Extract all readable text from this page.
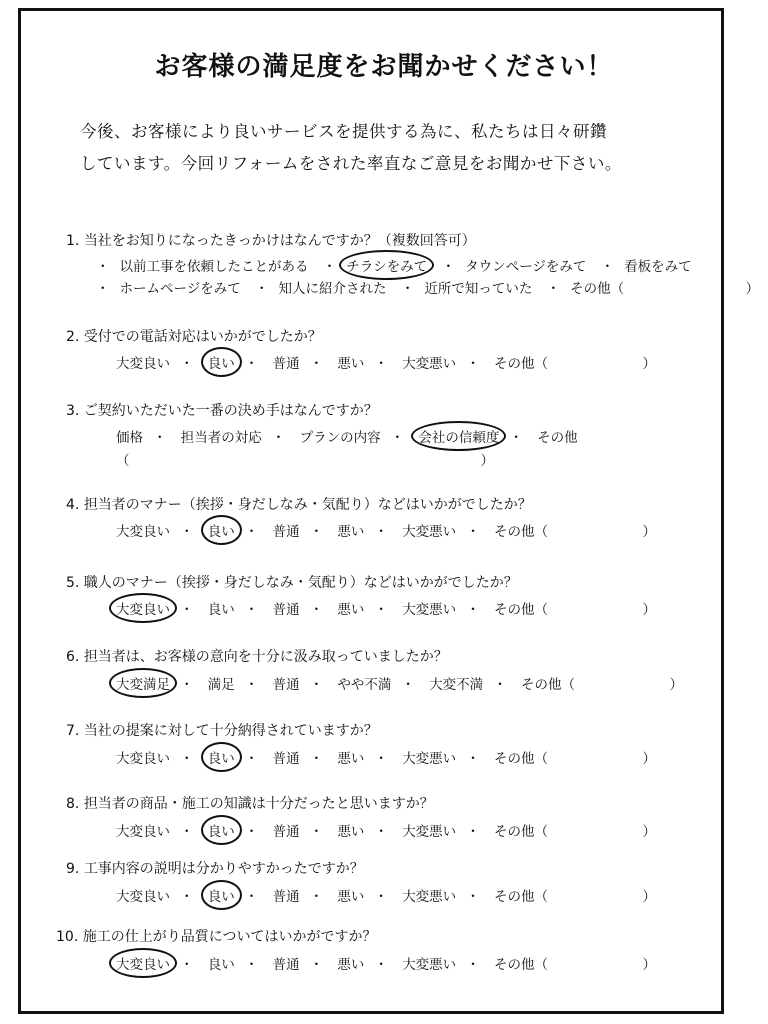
お客様の満足度をお聞かせください！
今後、お客様により良いサービスを提供する為に、私たちは日々研鑽
しています。今回リフォームをされた率直なご意見をお聞かせ下さい。
1. 当社をお知りになったきっかけはなんですか？（複数回答可）
・ 以前工事を依頼したことがある ・ チラシをみて ・ タウンページをみて ・ 看板をみて
・ ホームページをみて ・ 知人に紹介された ・ 近所で知っていた ・ その他（　　　　　　　　　）
2. 受付での電話対応はいかがでしたか？
大変良い ・ 良い ・ 普通 ・ 悪い ・ 大変悪い ・ その他（　　　　　　　）
3. ご契約いただいた一番の決め手はなんですか？
価格 ・ 担当者の対応 ・ プランの内容 ・ 会社の信頼度 ・ その他
（　　　　　　　　　　　　　　　　　　　　　　　　　　）
4. 担当者のマナー（挨拶・身だしなみ・気配り）などはいかがでしたか？
大変良い ・ 良い ・ 普通 ・ 悪い ・ 大変悪い ・ その他（　　　　　　　）
5. 職人のマナー（挨拶・身だしなみ・気配り）などはいかがでしたか？
大変良い ・ 良い ・ 普通 ・ 悪い ・ 大変悪い ・ その他（　　　　　　　）
6. 担当者は、お客様の意向を十分に汲み取っていましたか？
大変満足 ・ 満足 ・ 普通 ・ やや不満 ・ 大変不満 ・ その他（　　　　　　　）
7. 当社の提案に対して十分納得されていますか？
大変良い ・ 良い ・ 普通 ・ 悪い ・ 大変悪い ・ その他（　　　　　　　）
8. 担当者の商品・施工の知識は十分だったと思いますか？
大変良い ・ 良い ・ 普通 ・ 悪い ・ 大変悪い ・ その他（　　　　　　　）
9. 工事内容の説明は分かりやすかったですか？
大変良い ・ 良い ・ 普通 ・ 悪い ・ 大変悪い ・ その他（　　　　　　　）
10. 施工の仕上がり品質についてはいかがですか？
大変良い ・ 良い ・ 普通 ・ 悪い ・ 大変悪い ・ その他（　　　　　　　）
